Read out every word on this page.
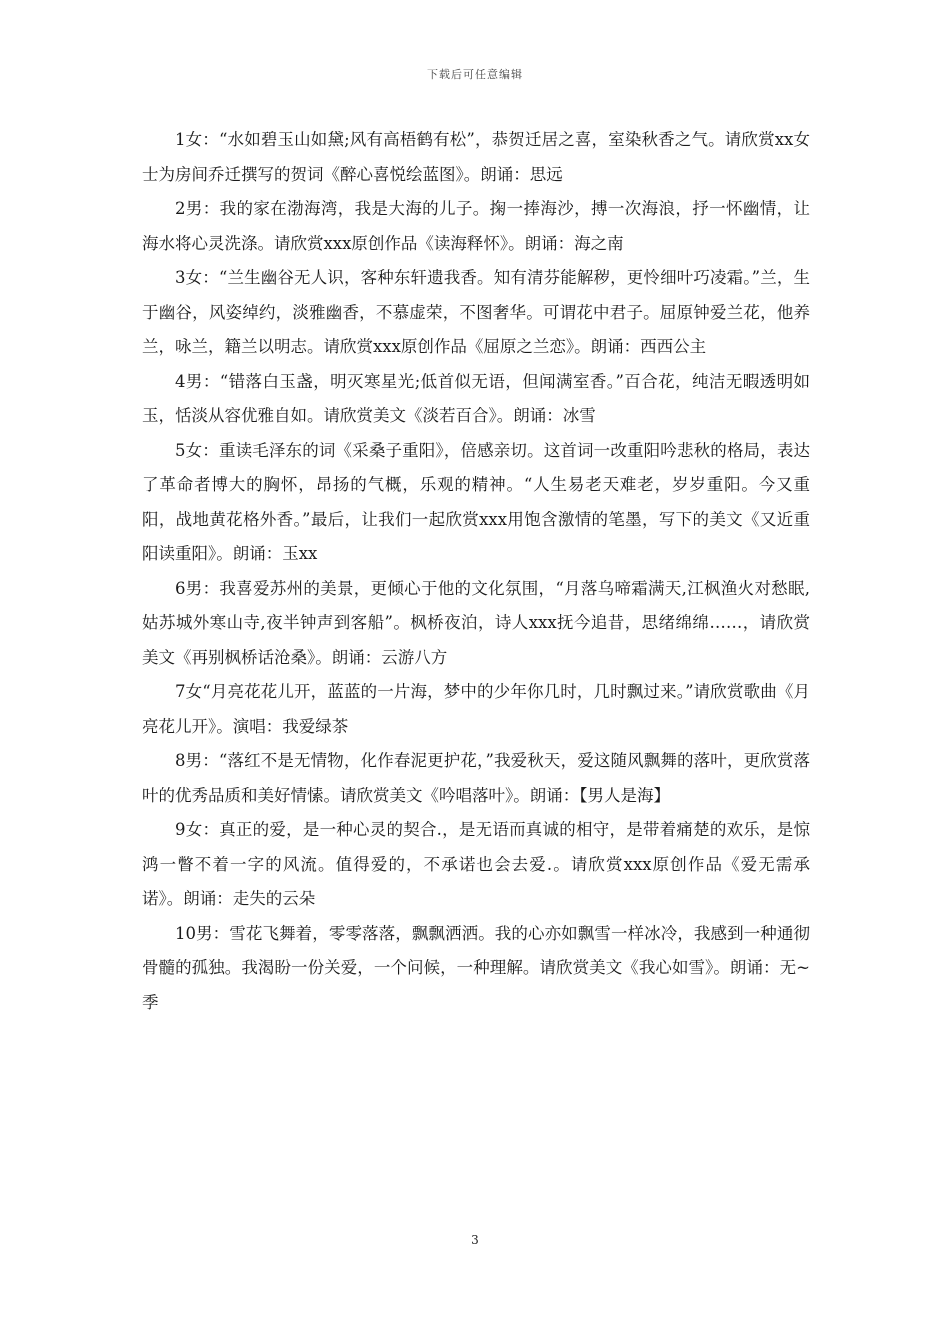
下载后可任意编辑

1女：“水如碧玉山如黛;风有高梧鹤有松”，恭贺迁居之喜，室染秋香之气。请欣赏xx女士为房间乔迁撰写的贺词《醉心喜悦绘蓝图》。朗诵：思远

2男：我的家在渤海湾，我是大海的儿子。掬一捧海沙，搏一次海浪，抒一怀幽情，让海水将心灵洗涤。请欣赏xxx原创作品《读海释怀》。朗诵：海之南

3女：“兰生幽谷无人识，客种东轩遗我香。知有清芬能解秽，更怜细叶巧凌霜。”兰，生于幽谷，风姿绰约，淡雅幽香，不慕虚荣，不图奢华。可谓花中君子。屈原钟爱兰花，他养兰，咏兰，籍兰以明志。请欣赏xxx原创作品《屈原之兰恋》。朗诵：西西公主

4男：“错落白玉盏，明灭寒星光;低首似无语，但闻满室香。”百合花，纯洁无暇透明如玉，恬淡从容优雅自如。请欣赏美文《淡若百合》。朗诵：冰雪

5女：重读毛泽东的词《采桑子重阳》，倍感亲切。这首词一改重阳吟悲秋的格局，表达了革命者博大的胸怀，昂扬的气概，乐观的精神。“人生易老天难老，岁岁重阳。今又重阳，战地黄花格外香。”最后，让我们一起欣赏xxx用饱含激情的笔墨，写下的美文《又近重阳读重阳》。朗诵：玉xx

6男：我喜爱苏州的美景，更倾心于他的文化氛围，“月落乌啼霜满天,江枫渔火对愁眠,姑苏城外寒山寺,夜半钟声到客船”。枫桥夜泊，诗人xxx抚今追昔，思绪绵绵……，请欣赏美文《再别枫桥话沧桑》。朗诵：云游八方

7女“月亮花花儿开，蓝蓝的一片海，梦中的少年你几时，几时飘过来。”请欣赏歌曲《月亮花儿开》。演唱：我爱绿茶

8男：“落红不是无情物，化作春泥更护花，”我爱秋天，爱这随风飘舞的落叶，更欣赏落叶的优秀品质和美好情愫。请欣赏美文《吟唱落叶》。朗诵：【男人是海】

9女：真正的爱，是一种心灵的契合.，是无语而真诚的相守，是带着痛楚的欢乐，是惊鸿一瞥不着一字的风流。值得爱的，不承诺也会去爱.。请欣赏xxx原创作品《爱无需承诺》。朗诵：走失的云朵

10男：雪花飞舞着，零零落落，飘飘洒洒。我的心亦如飘雪一样冰冷，我感到一种通彻骨髓的孤独。我渴盼一份关爱，一个问候，一种理解。请欣赏美文《我心如雪》。朗诵：无~季

3
